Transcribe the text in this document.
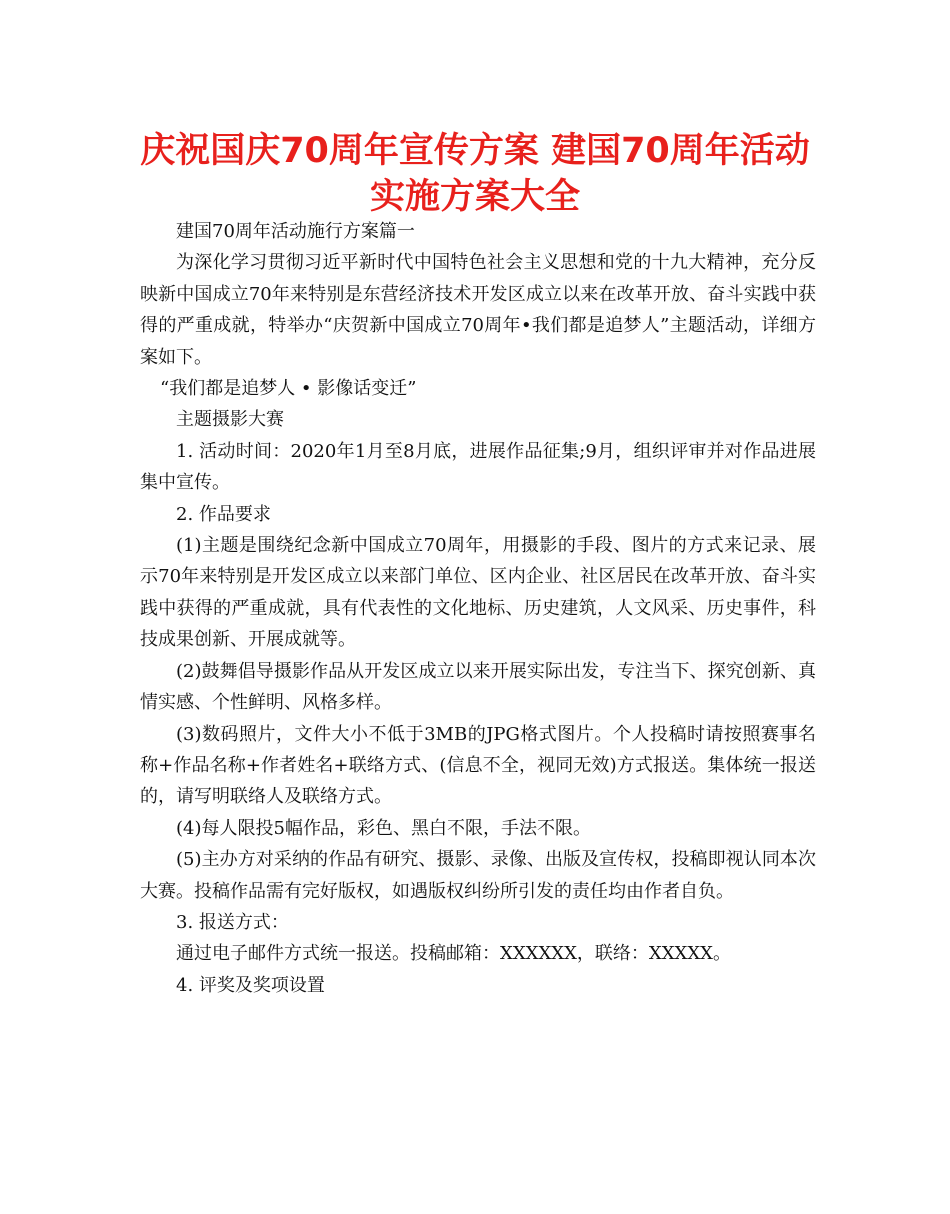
庆祝国庆70周年宣传方案 建国70周年活动实施方案大全

建国70周年活动施行方案篇一

为深化学习贯彻习近平新时代中国特色社会主义思想和党的十九大精神，充分反映新中国成立70年来特别是东营经济技术开发区成立以来在改革开放、奋斗实践中获得的严重成就，特举办“庆贺新中国成立70周年•我们都是追梦人”主题活动，详细方案如下。

“我们都是追梦人 • 影像话变迁”

主题摄影大赛

1. 活动时间：2020年1月至8月底，进展作品征集;9月，组织评审并对作品进展集中宣传。

2. 作品要求

(1)主题是围绕纪念新中国成立70周年，用摄影的手段、图片的方式来记录、展示70年来特别是开发区成立以来部门单位、区内企业、社区居民在改革开放、奋斗实践中获得的严重成就，具有代表性的文化地标、历史建筑，人文风采、历史事件，科技成果创新、开展成就等。

(2)鼓舞倡导摄影作品从开发区成立以来开展实际出发，专注当下、探究创新、真情实感、个性鲜明、风格多样。

(3)数码照片，文件大小不低于3MB的JPG格式图片。个人投稿时请按照赛事名称+作品名称+作者姓名+联络方式、(信息不全，视同无效)方式报送。集体统一报送的，请写明联络人及联络方式。

(4)每人限投5幅作品，彩色、黑白不限，手法不限。

(5)主办方对采纳的作品有研究、摄影、录像、出版及宣传权，投稿即视认同本次大赛。投稿作品需有完好版权，如遇版权纠纷所引发的责任均由作者自负。

3. 报送方式：

通过电子邮件方式统一报送。投稿邮箱：XXXXXX，联络：XXXXX。

4. 评奖及奖项设置
